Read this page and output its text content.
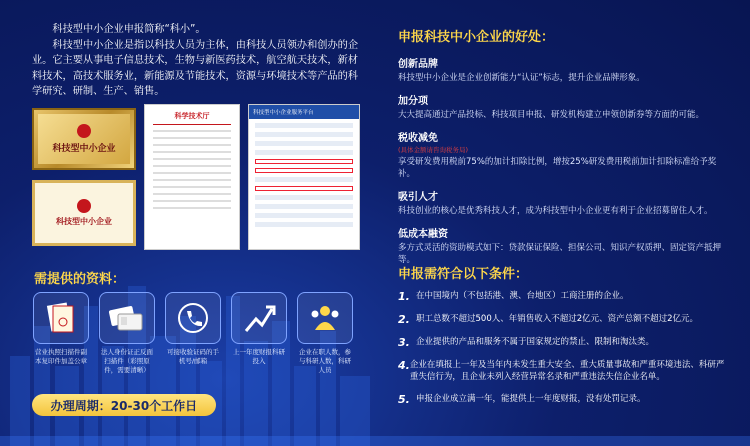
科技型中小企业申报简称“科小”。

科技型中小企业是指以科技人员为主体，由科技人员领办和创办的企业。它主要从事电子信息技术，生物与新医药技术，航空航天技术，新材料技术，高技术服务业，新能源及节能技术，资源与环境技术等产品的科学研究、研制、生产、销售。

科技型中小企业
科技型中小企业
科学技术厅	科技型中小企业服务平台
需提供的资料：
营业执照扫描件副本复印件加盖公章
法人身份证正反面扫描件（彩照原件，需要清晰）
可接收验证码的手机号/邮箱
上一年度财报科研投入
企业在职人数，参与科研人数，科研人员
办理周期：20-30个工作日
申报科技中小企业的好处：
创新品牌
科技型中小企业是企业创新能力“认证”标志，提升企业品牌形象。
加分项
大大提高通过产品投标、科技项目申报、研发机构建立申领创新券等方面的可能。
税收减免
(具体金额请咨询税务局)
享受研发费用税前75%的加计扣除比例，增按25%研发费用税前加计扣除标准给予奖补。
吸引人才
科技创业的核心是优秀科技人才，成为科技型中小企业更有利于企业招募留住人才。
低成本融资
多方式灵活的资助模式如下：贷款保证保险、担保公司、知识产权质押、固定资产抵押等。
申报需符合以下条件：
1. 在中国境内（不包括港、澳、台地区）工商注册的企业。
2. 职工总数不超过500人、年销售收入不超过2亿元、资产总额不超过2亿元。
3. 企业提供的产品和服务不属于国家规定的禁止、限制和淘汰类。
4. 企业在填报上一年及当年内未发生重大安全、重大质量事故和严重环境违法、科研严重失信行为，且企业未列入经营异常名录和严重违法失信企业名单。
5. 申报企业成立满一年，能提供上一年度财报，没有处罚记录。
